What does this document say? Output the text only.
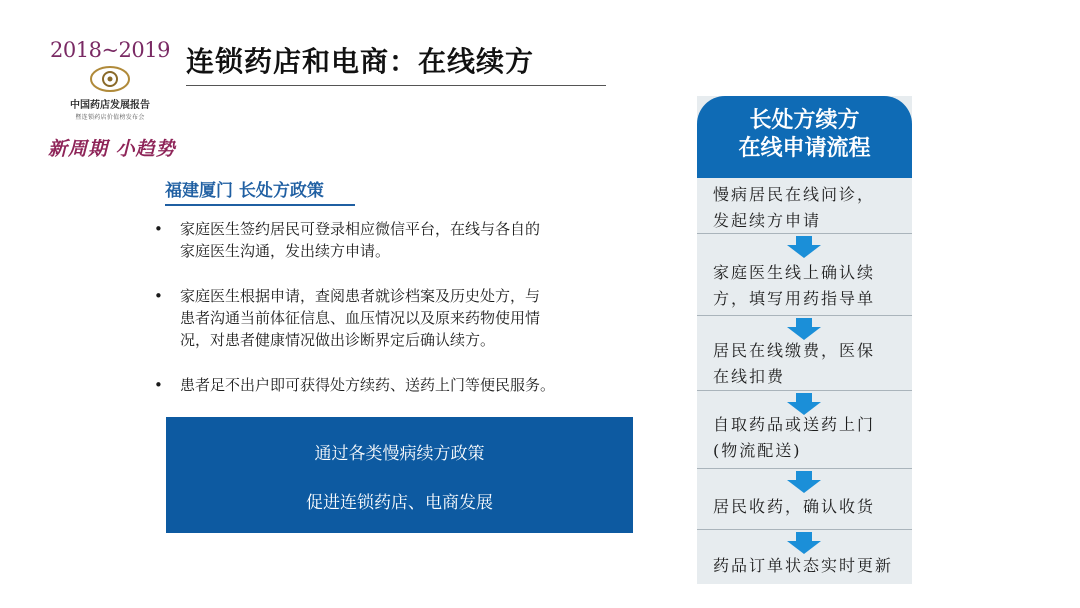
2018~2019
中国药店发展报告
暨连锁药店价值榜发布会
新周期 小趋势
连锁药店和电商：在线续方
福建厦门 长处方政策
• 家庭医生签约居民可登录相应微信平台，在线与各自的
家庭医生沟通，发出续方申请。
• 家庭医生根据申请，查阅患者就诊档案及历史处方，与
患者沟通当前体征信息、血压情况以及原来药物使用情
况，对患者健康情况做出诊断界定后确认续方。
• 患者足不出户即可获得处方续药、送药上门等便民服务。
通过各类慢病续方政策
促进连锁药店、电商发展
长处方续方
在线申请流程
慢病居民在线问诊，
发起续方申请
家庭医生线上确认续
方，填写用药指导单
居民在线缴费，医保
在线扣费
自取药品或送药上门
(物流配送)
居民收药，确认收货
药品订单状态实时更新
